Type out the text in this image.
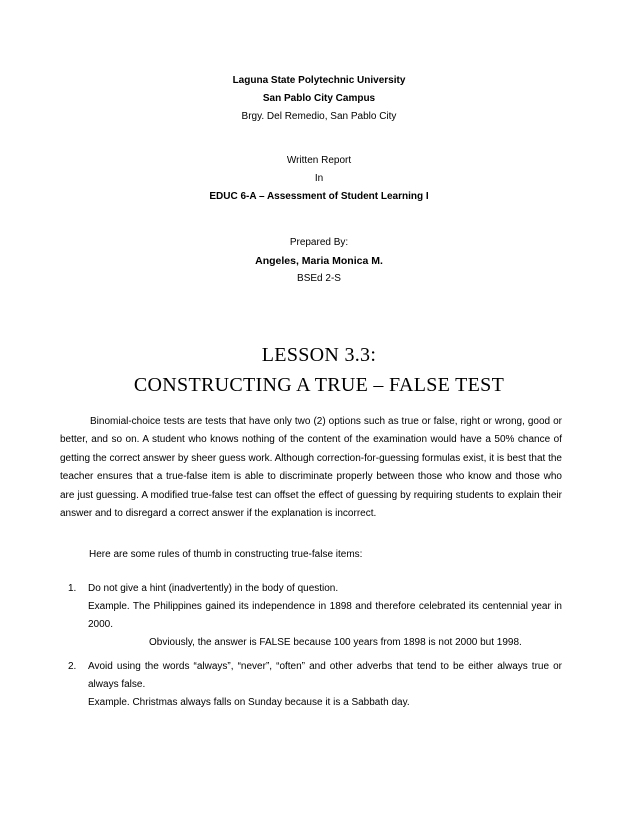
Laguna State Polytechnic University
San Pablo City Campus
Brgy. Del Remedio, San Pablo City
Written Report
In
EDUC 6-A – Assessment of Student Learning I
Prepared By:
Angeles, Maria Monica M.
BSEd 2-S
LESSON 3.3:
CONSTRUCTING A TRUE – FALSE TEST
Binomial-choice tests are tests that have only two (2) options such as true or false, right or wrong, good or better, and so on. A student who knows nothing of the content of the examination would have a 50% chance of getting the correct answer by sheer guess work. Although correction-for-guessing formulas exist, it is best that the teacher ensures that a true-false item is able to discriminate properly between those who know and those who are just guessing. A modified true-false test can offset the effect of guessing by requiring students to explain their answer and to disregard a correct answer if the explanation is incorrect.
Here are some rules of thumb in constructing true-false items:
1. Do not give a hint (inadvertently) in the body of question.
Example. The Philippines gained its independence in 1898 and therefore celebrated its centennial year in 2000.
Obviously, the answer is FALSE because 100 years from 1898 is not 2000 but 1998.
2. Avoid using the words “always”, “never”, “often” and other adverbs that tend to be either always true or always false.
Example. Christmas always falls on Sunday because it is a Sabbath day.
